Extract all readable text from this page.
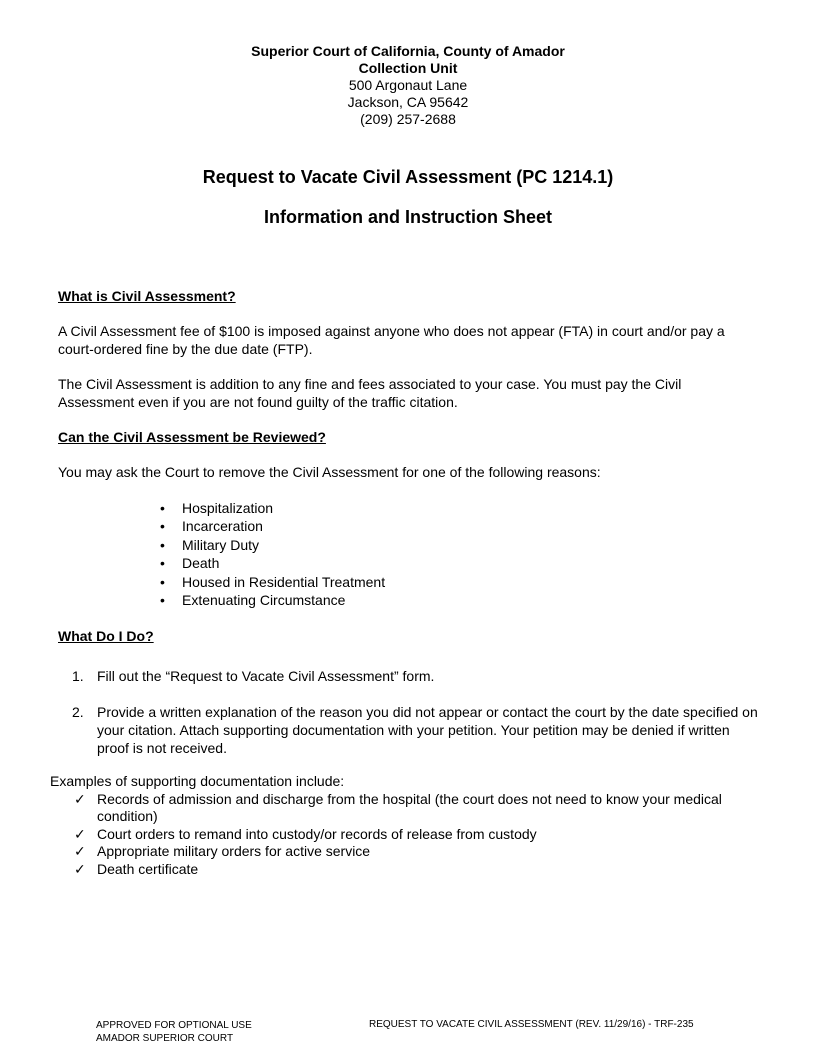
Superior Court of California, County of Amador
Collection Unit
500 Argonaut Lane
Jackson, CA 95642
(209) 257-2688
Request to Vacate Civil Assessment (PC 1214.1)
Information and Instruction Sheet
What is Civil Assessment?
A Civil Assessment fee of $100 is imposed against anyone who does not appear (FTA) in court and/or pay a court-ordered fine by the due date (FTP).
The Civil Assessment is addition to any fine and fees associated to your case. You must pay the Civil Assessment even if you are not found guilty of the traffic citation.
Can the Civil Assessment be Reviewed?
You may ask the Court to remove the Civil Assessment for one of the following reasons:
• Hospitalization
• Incarceration
• Military Duty
• Death
• Housed in Residential Treatment
• Extenuating Circumstance
What Do I Do?
1. Fill out the “Request to Vacate Civil Assessment” form.
2. Provide a written explanation of the reason you did not appear or contact the court by the date specified on your citation. Attach supporting documentation with your petition. Your petition may be denied if written proof is not received.
Examples of supporting documentation include:
✓ Records of admission and discharge from the hospital (the court does not need to know your medical condition)
✓ Court orders to remand into custody/or records of release from custody
✓ Appropriate military orders for active service
✓ Death certificate
APPROVED FOR OPTIONAL USE
AMADOR SUPERIOR COURT
REQUEST TO VACATE CIVIL ASSESSMENT (REV. 11/29/16) - TRF-235
